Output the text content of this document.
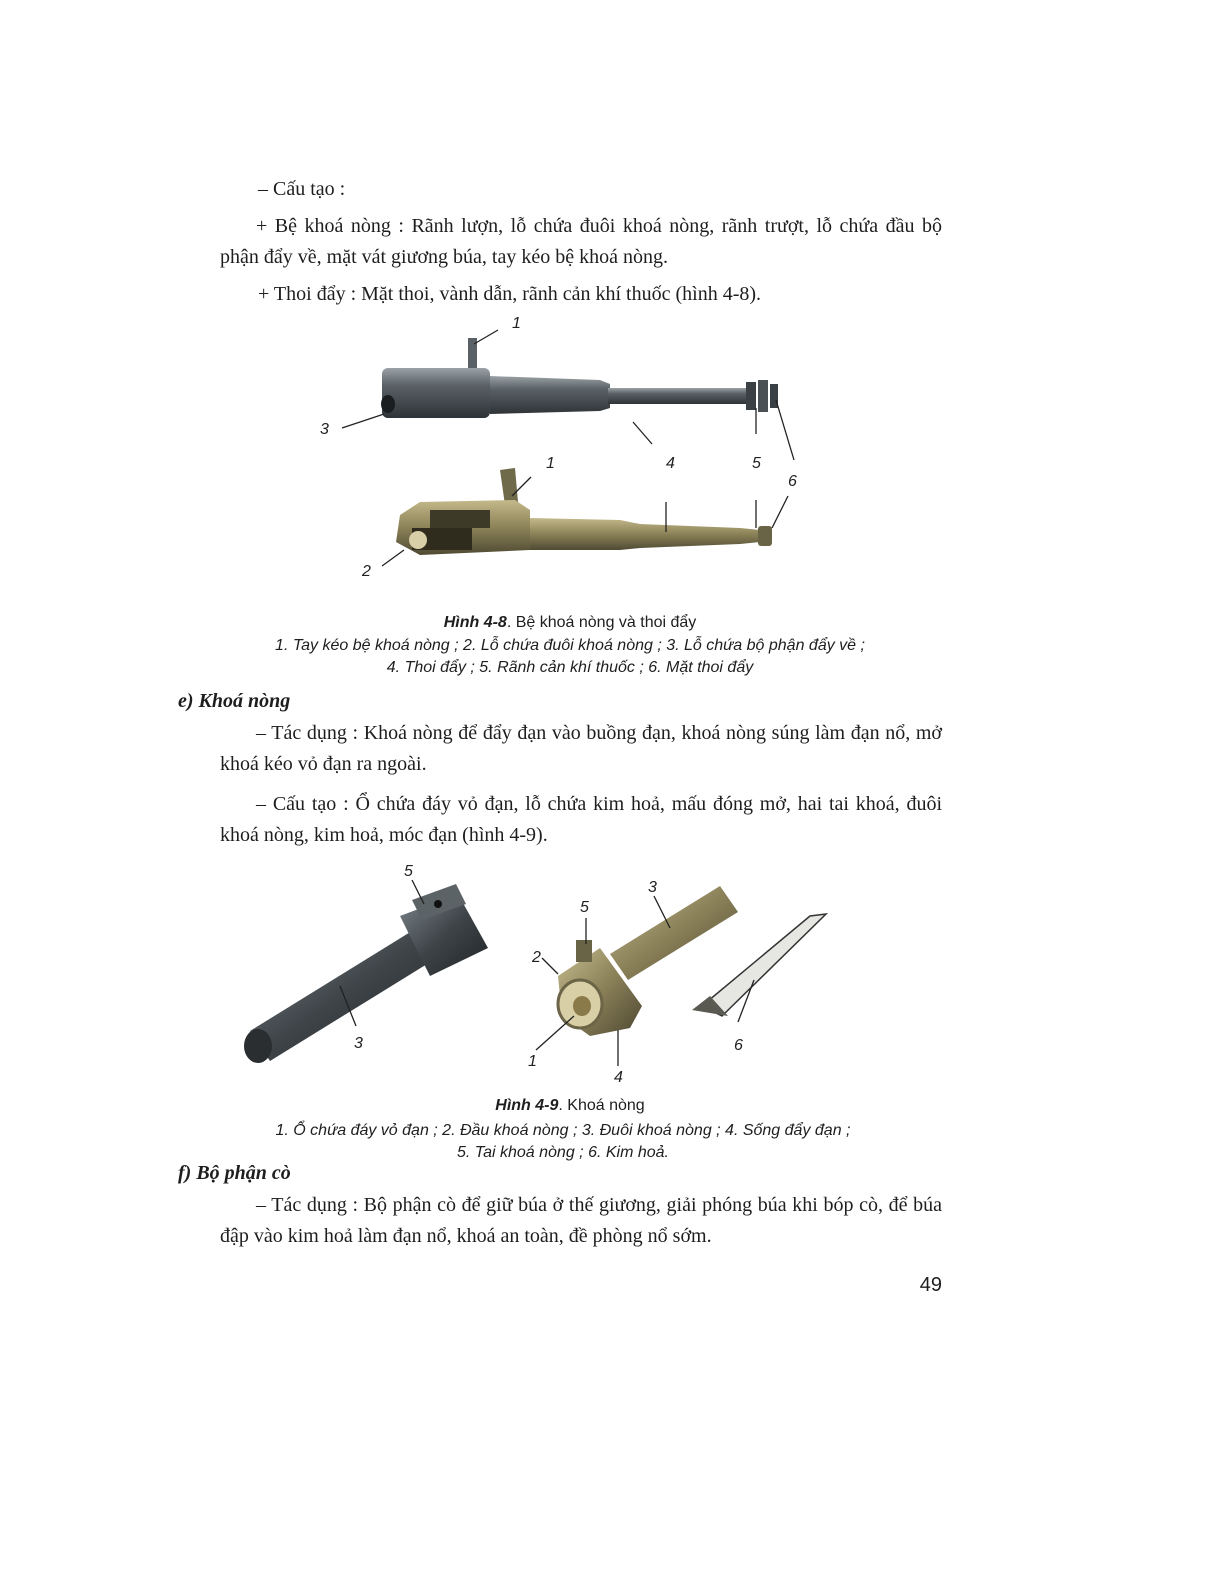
– Cấu tạo :
+ Bệ khoá nòng : Rãnh lượn, lỗ chứa đuôi khoá nòng, rãnh trượt, lỗ chứa đầu bộ phận đẩy về, mặt vát giương búa, tay kéo bệ khoá nòng.
+ Thoi đẩy : Mặt thoi, vành dẫn, rãnh cản khí thuốc (hình 4-8).
1
3
1	4	5
6
2
Hình 4-8. Bệ khoá nòng và thoi đẩy
1. Tay kéo bệ khoá nòng ; 2. Lỗ chứa đuôi khoá nòng ; 3. Lỗ chứa bộ phận đẩy về ;
4. Thoi đẩy ; 5. Rãnh cản khí thuốc ; 6. Mặt thoi đẩy
e) Khoá nòng
– Tác dụng : Khoá nòng để đẩy đạn vào buồng đạn, khoá nòng súng làm đạn nổ, mở khoá kéo vỏ đạn ra ngoài.
– Cấu tạo : Ổ chứa đáy vỏ đạn, lỗ chứa kim hoả, mấu đóng mở, hai tai khoá, đuôi khoá nòng, kim hoả, móc đạn (hình 4-9).
5
3
3
5
2
1
4
6
Hình 4-9. Khoá nòng
1. Ổ chứa đáy vỏ đạn ; 2. Đầu khoá nòng ; 3. Đuôi khoá nòng ; 4. Sống đẩy đạn ;
5. Tai khoá nòng ; 6. Kim hoả.
f) Bộ phận cò
– Tác dụng : Bộ phận cò để giữ búa ở thế giương, giải phóng búa khi bóp cò, để búa đập vào kim hoả làm đạn nổ, khoá an toàn, đề phòng nổ sớm.
49
